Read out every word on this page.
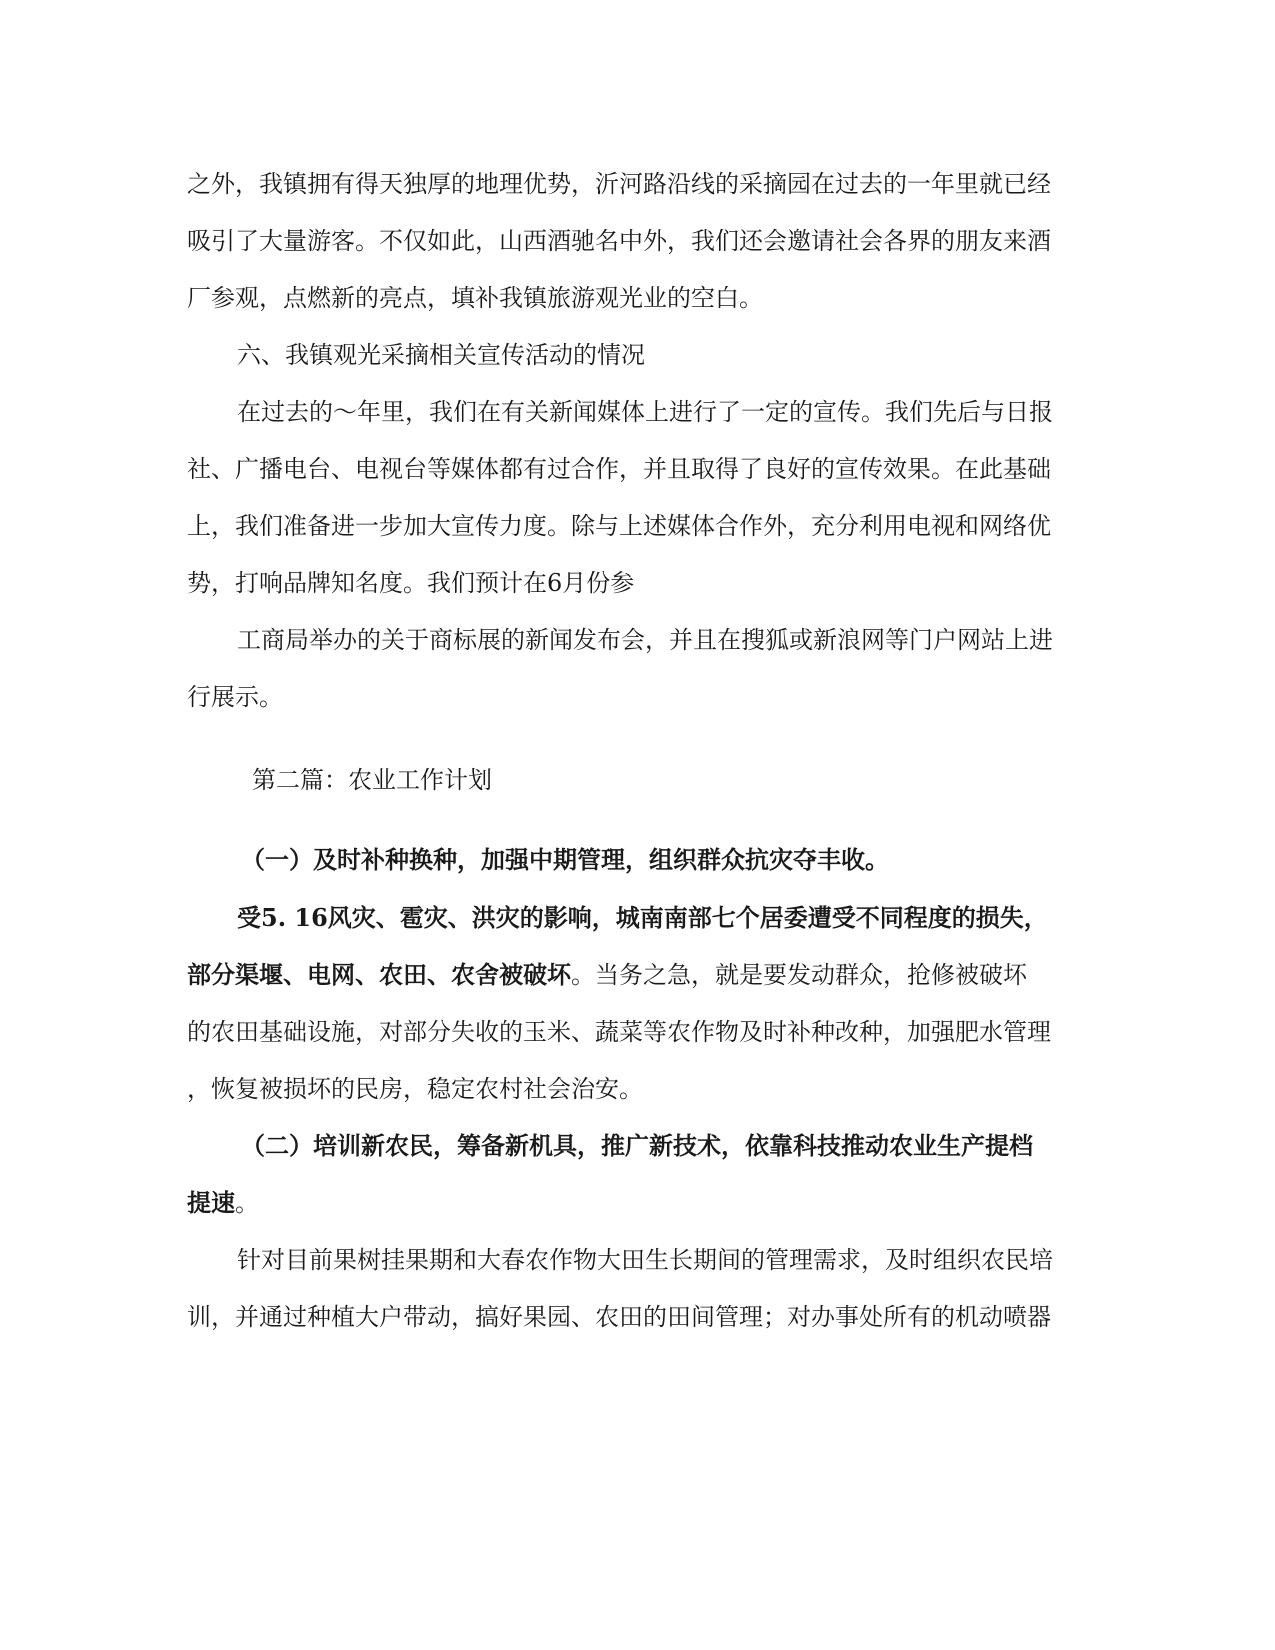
之外，我镇拥有得天独厚的地理优势，沂河路沿线的采摘园在过去的一年里就已经
吸引了大量游客。不仅如此，山西酒驰名中外，我们还会邀请社会各界的朋友来酒
厂参观，点燃新的亮点，填补我镇旅游观光业的空白。
六、我镇观光采摘相关宣传活动的情况
在过去的～年里，我们在有关新闻媒体上进行了一定的宣传。我们先后与日报
社、广播电台、电视台等媒体都有过合作，并且取得了良好的宣传效果。在此基础
上，我们准备进一步加大宣传力度。除与上述媒体合作外，充分利用电视和网络优
势，打响品牌知名度。我们预计在6月份参
工商局举办的关于商标展的新闻发布会，并且在搜狐或新浪网等门户网站上进
行展示。
第二篇：农业工作计划
（一）及时补种换种，加强中期管理，组织群众抗灾夺丰收。
受5. 16风灾、雹灾、洪灾的影响，城南南部七个居委遭受不同程度的损失，
部分渠堰、电网、农田、农舍被破坏。当务之急，就是要发动群众，抢修被破坏
的农田基础设施，对部分失收的玉米、蔬菜等农作物及时补种改种，加强肥水管理
，恢复被损坏的民房，稳定农村社会治安。
（二）培训新农民，筹备新机具，推广新技术，依靠科技推动农业生产提档
提速。
针对目前果树挂果期和大春农作物大田生长期间的管理需求，及时组织农民培
训，并通过种植大户带动，搞好果园、农田的田间管理；对办事处所有的机动喷器
